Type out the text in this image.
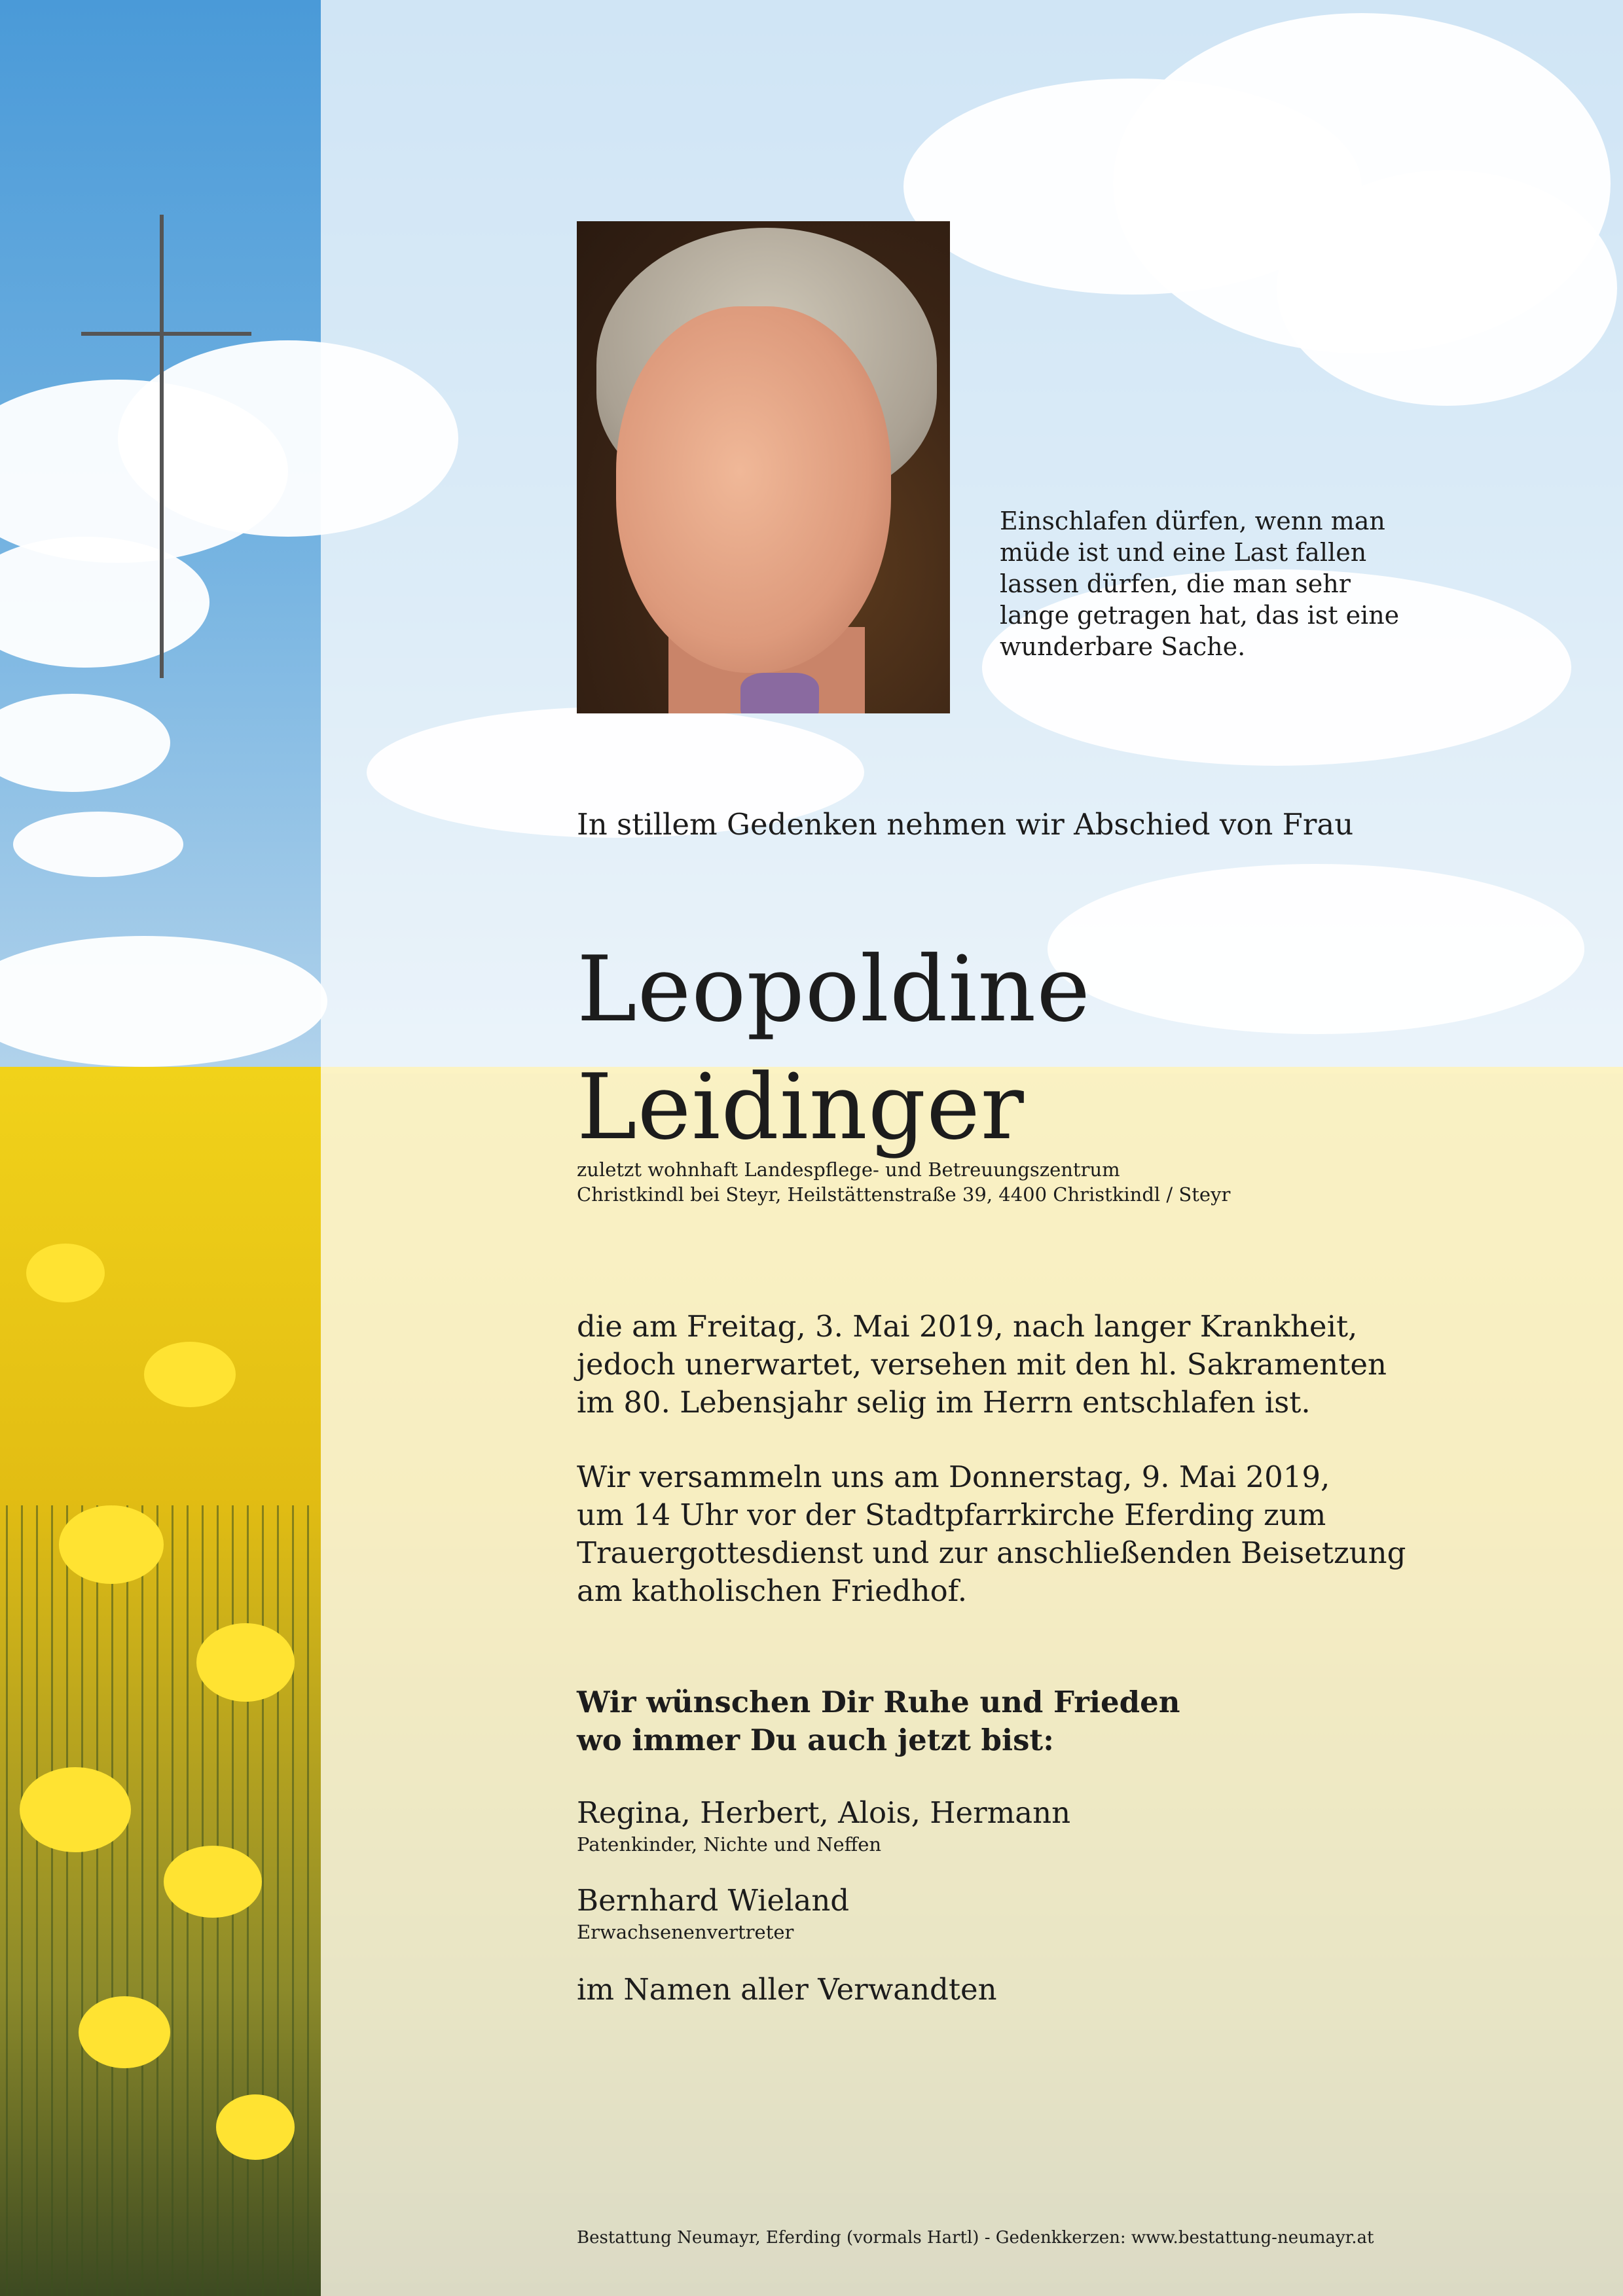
Einschlafen dürfen, wenn man
müde ist und eine Last fallen
lassen dürfen, die man sehr
lange getragen hat, das ist eine
wunderbare Sache.

In stillem Gedenken nehmen wir Abschied von Frau

Leopoldine
Leidinger

zuletzt wohnhaft Landespflege- und Betreuungszentrum
Christkindl bei Steyr, Heilstättenstraße 39, 4400 Christkindl / Steyr

die am Freitag, 3. Mai 2019, nach langer Krankheit,
jedoch unerwartet, versehen mit den hl. Sakramenten
im 80. Lebensjahr selig im Herrn entschlafen ist.

Wir versammeln uns am Donnerstag, 9. Mai 2019,
um 14 Uhr vor der Stadtpfarrkirche Eferding zum
Trauergottesdienst und zur anschließenden Beisetzung
am katholischen Friedhof.

Wir wünschen Dir Ruhe und Frieden
wo immer Du auch jetzt bist:

Regina, Herbert, Alois, Hermann

Patenkinder, Nichte und Neffen

Bernhard Wieland

Erwachsenenvertreter

im Namen aller Verwandten

Bestattung Neumayr, Eferding (vormals Hartl) - Gedenkkerzen: www.bestattung-neumayr.at
